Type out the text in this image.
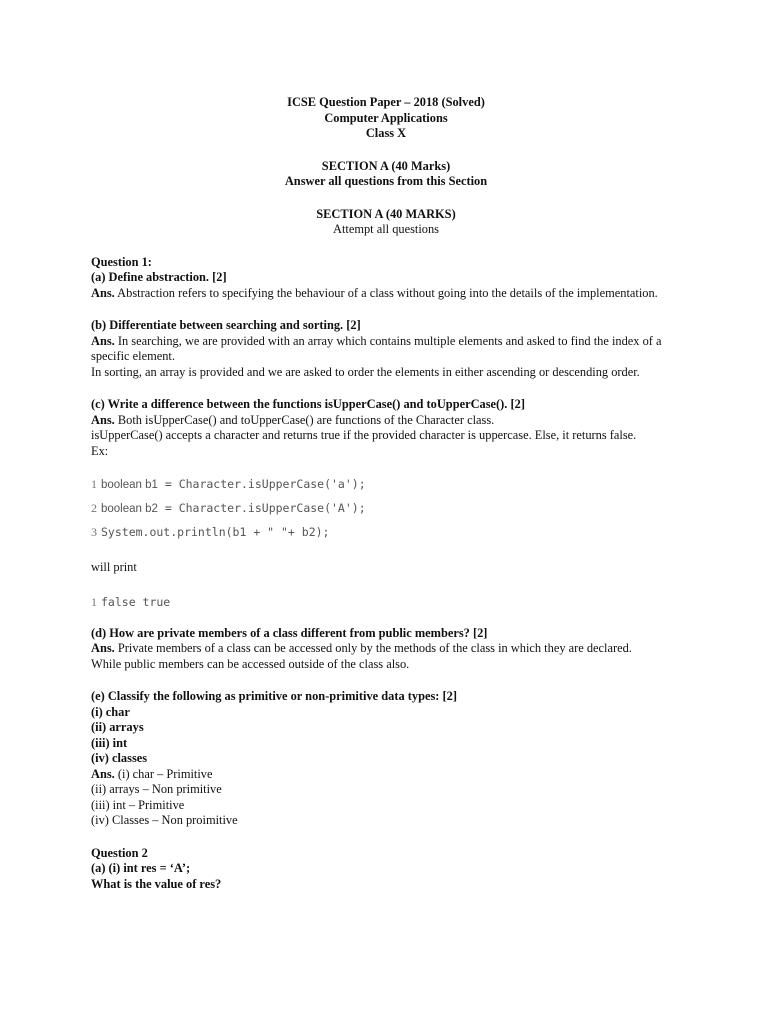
ICSE Question Paper – 2018 (Solved)
Computer Applications
Class X
SECTION A (40 Marks)
Answer all questions from this Section
SECTION A (40 MARKS)
Attempt all questions

Question 1:

(a) Define abstraction. [2]

Ans. Abstraction refers to specifying the behaviour of a class without going into the details of the implementation.

(b) Differentiate between searching and sorting. [2]

Ans. In searching, we are provided with an array which contains multiple elements and asked to find the index of a specific element.

In sorting, an array is provided and we are asked to order the elements in either ascending or descending order.

(c) Write a difference between the functions isUpperCase() and toUpperCase(). [2]

Ans. Both isUpperCase() and toUpperCase() are functions of the Character class.

isUpperCase() accepts a character and returns true if the provided character is uppercase. Else, it returns false.

Ex:

1 boolean b1 = Character.isUpperCase('a');
2 boolean b2 = Character.isUpperCase('A');
3 System.out.println(b1 + " "+ b2);

will print

1 false true

(d) How are private members of a class different from public members? [2]

Ans. Private members of a class can be accessed only by the methods of the class in which they are declared.

While public members can be accessed outside of the class also.

(e) Classify the following as primitive or non-primitive data types: [2]

(i) char

(ii) arrays

(iii) int

(iv) classes

Ans. (i) char – Primitive

(ii) arrays – Non primitive

(iii) int – Primitive

(iv) Classes – Non proimitive

Question 2

(a) (i) int res = ‘A’;

What is the value of res?
